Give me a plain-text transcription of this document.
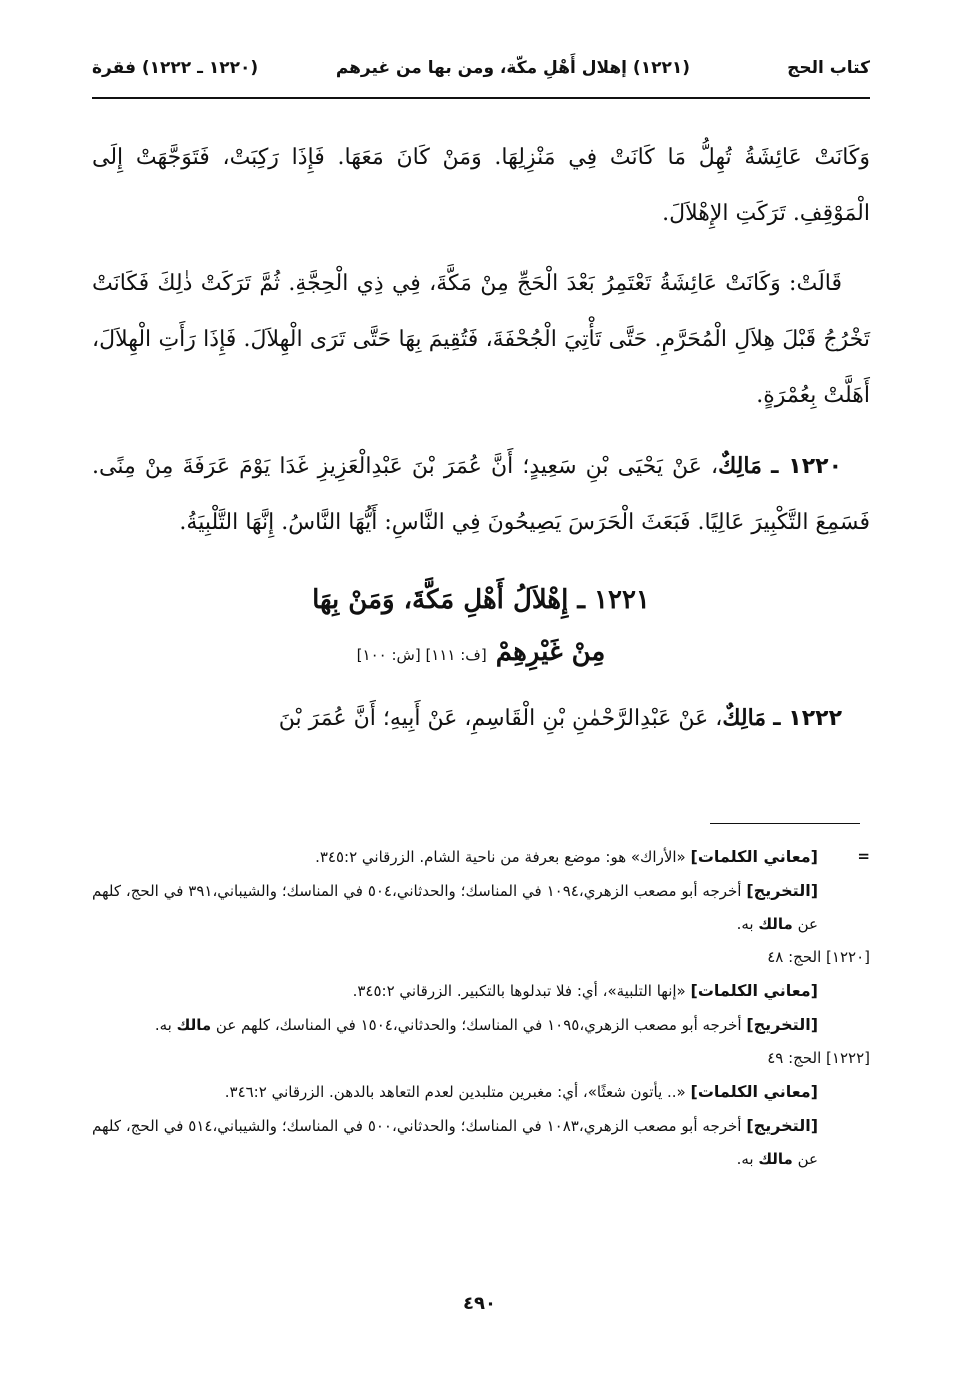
كتاب الحج
(١٢٢١) إهلال أَهْلِ مكّة، ومن بها من غيرهم
(١٢٢٠ ـ ١٢٢٢) فقرة

وَكَانَتْ عَائِشَةُ تُهِلُّ مَا كَانَتْ فِي مَنْزِلِهَا. وَمَنْ كَانَ مَعَهَا. فَإِذَا رَكِبَتْ، فَتَوَجَّهَتْ إِلَى الْمَوْقِفِ. تَرَكَتِ الإِهْلاَلَ.

قَالَتْ: وَكَانَتْ عَائِشَةُ تَعْتَمِرُ بَعْدَ الْحَجِّ مِنْ مَكَّةَ، فِي ذِي الْحِجَّةِ. ثُمَّ تَرَكَتْ ذٰلِكَ فَكَانَتْ تَخْرُجُ قَبْلَ هِلاَلِ الْمُحَرَّمِ. حَتَّى تَأْتِيَ الْجُحْفَةَ، فَتُقِيمَ بِهَا حَتَّى تَرَى الْهِلاَلَ. فَإِذَا رَأَتِ الْهِلاَلَ، أَهَلَّتْ بِعُمْرَةٍ.

١٢٢٠ ـ مَالِكٌ، عَنْ يَحْيَى بْنِ سَعِيدٍ؛ أَنَّ عُمَرَ بْنَ عَبْدِالْعَزِيزِ غَدَا يَوْمَ عَرَفَةَ مِنْ مِنًى. فَسَمِعَ التَّكْبِيرَ عَالِيًا. فَبَعَثَ الْحَرَسَ يَصِيحُونَ فِي النَّاسِ: أَيُّهَا النَّاسُ. إِنَّهَا التَّلْبِيَةُ.

١٢٢١ ـ إِهْلاَلُ أَهْلِ مَكَّةَ، وَمَنْ بِهَا
مِنْ غَيْرِهِمْ [ف: ١١١] [ش: ١٠٠]

١٢٢٢ ـ مَالِكٌ، عَنْ عَبْدِالرَّحْمٰنِ بْنِ الْقَاسِمِ، عَنْ أَبِيهِ؛ أَنَّ عُمَرَ بْنَ

=
[معاني الكلمات] «الأراك» هو: موضع بعرفة من ناحية الشام. الزرقاني ٣٤٥:٢.

[التخريج] أخرجه أبو مصعب الزهري،١٠٩٤ في المناسك؛ والحدثاني،٥٠٤ في المناسك؛ والشيباني،٣٩١ في الحج، كلهم عن مالك به.

[١٢٢٠] الحج: ٤٨

[معاني الكلمات] «إنها التلبية»، أي: فلا تبدلوها بالتكبير. الزرقاني ٣٤٥:٢.

[التخريج] أخرجه أبو مصعب الزهري،١٠٩٥ في المناسك؛ والحدثاني،١٥٠٤ في المناسك، كلهم عن مالك به.

[١٢٢٢] الحج: ٤٩

[معاني الكلمات] «.. يأتون شعثًا»، أي: مغبرين متلبدين لعدم التعاهد بالدهن. الزرقاني ٣٤٦:٢.

[التخريج] أخرجه أبو مصعب الزهري،١٠٨٣ في المناسك؛ والحدثاني،٥٠٠ في المناسك؛ والشيباني،٥١٤ في الحج، كلهم عن مالك به.

٤٩٠
